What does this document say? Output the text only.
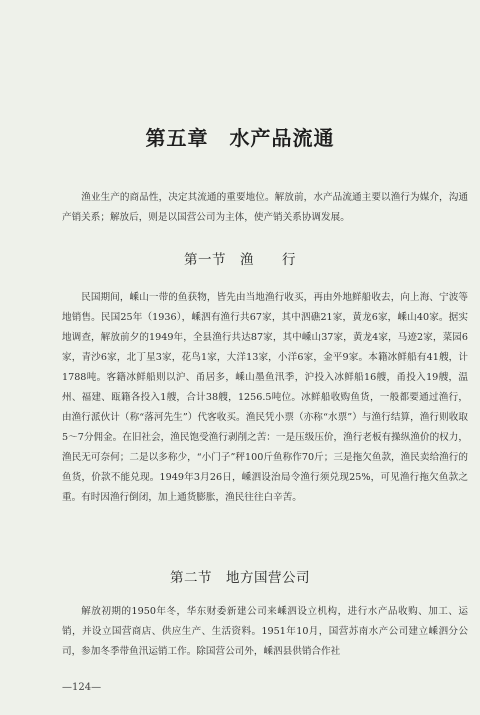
第五章　水产品流通

渔业生产的商品性，决定其流通的重要地位。解放前，水产品流通主要以渔行为媒介，沟通产销关系；解放后，则是以国营公司为主体，使产销关系协调发展。

第一节 渔　　行

民国期间，嵊山一带的鱼获物，皆先由当地渔行收买，再由外地鲜船收去，向上海、宁波等地销售。民国25年（1936），嵊泗有渔行共67家，其中泗礁21家，黄龙6家，嵊山40家。据实地调查，解放前夕的1949年，全县渔行共达87家，其中嵊山37家，黄龙4家，马迹2家，菜园6家，青沙6家，北丁星3家，花鸟1家，大洋13家，小洋6家，金平9家。本籍冰鲜船有41艘，计1788吨。客籍冰鲜船则以沪、甬居多，嵊山墨鱼汛季，沪投入冰鲜船16艘，甬投入19艘，温州、福建、瓯籍各投入1艘，合计38艘，1256.5吨位。冰鲜船收购鱼货，一般都要通过渔行，由渔行派伙计（称“落河先生”）代客收买。渔民凭小票（亦称“水票”）与渔行结算，渔行则收取5～7分佣金。在旧社会，渔民饱受渔行剥削之苦：一是压级压价，渔行老板有操纵渔价的权力，渔民无可奈何；二是以多称少，“小门子”秤100斤鱼称作70斤；三是拖欠鱼款，渔民卖给渔行的鱼货，价款不能兑现。1949年3月26日，嵊泗设治局令渔行须兑现25%，可见渔行拖欠鱼款之重。有时因渔行倒闭，加上通货膨胀，渔民往往白辛苦。

第二节 地方国营公司

解放初期的1950年冬，华东财委新建公司来嵊泗设立机构，进行水产品收购、加工、运销，并设立国营商店、供应生产、生活资料。1951年10月，国营苏南水产公司建立嵊泗分公司，参加冬季带鱼汛运销工作。除国营公司外，嵊泗县供销合作社

—124—
